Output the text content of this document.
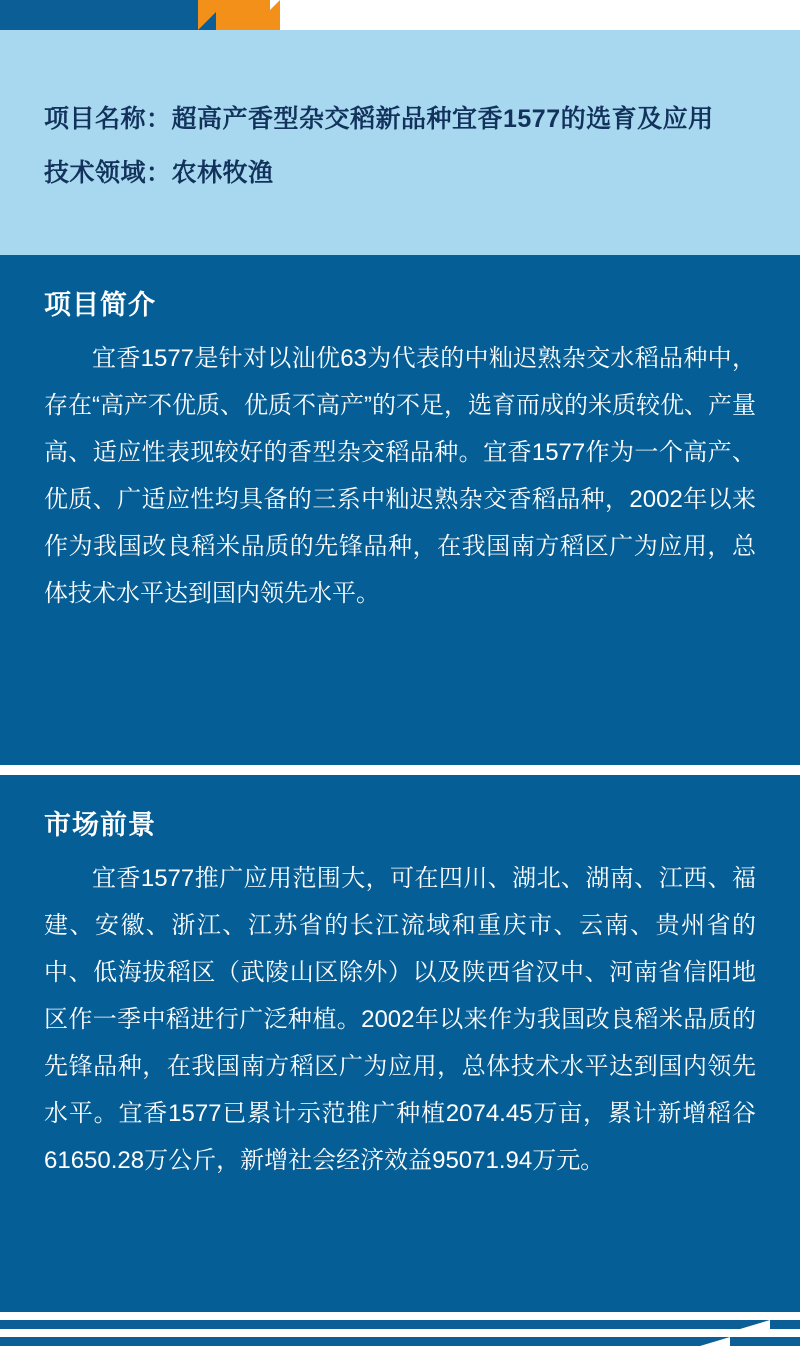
项目名称：超高产香型杂交稻新品种宜香1577的选育及应用
技术领域：农林牧渔
项目简介

宜香1577是针对以汕优63为代表的中籼迟熟杂交水稻品种中，存在“高产不优质、优质不高产”的不足，选育而成的米质较优、产量高、适应性表现较好的香型杂交稻品种。宜香1577作为一个高产、优质、广适应性均具备的三系中籼迟熟杂交香稻品种，2002年以来作为我国改良稻米品质的先锋品种，在我国南方稻区广为应用，总体技术水平达到国内领先水平。

市场前景

宜香1577推广应用范围大，可在四川、湖北、湖南、江西、福建、安徽、浙江、江苏省的长江流域和重庆市、云南、贵州省的中、低海拔稻区（武陵山区除外）以及陕西省汉中、河南省信阳地区作一季中稻进行广泛种植。2002年以来作为我国改良稻米品质的先锋品种，在我国南方稻区广为应用，总体技术水平达到国内领先水平。宜香1577已累计示范推广种植2074.45万亩，累计新增稻谷61650.28万公斤，新增社会经济效益95071.94万元。
